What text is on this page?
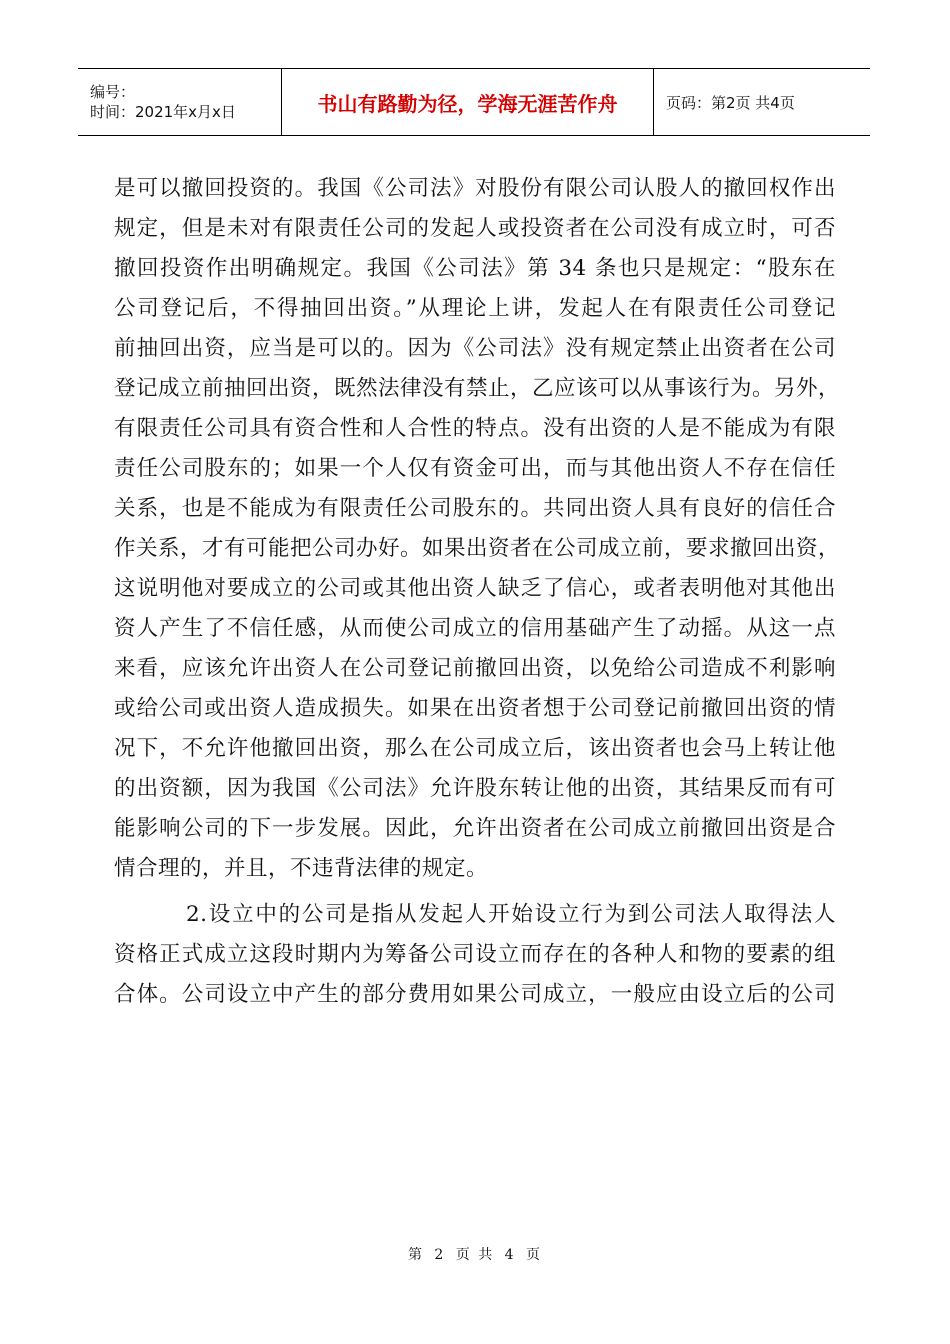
编号：
时间：2021年x月x日	书山有路勤为径，学海无涯苦作舟	页码：第2页 共4页
是可以撤回投资的。我国《公司法》对股份有限公司认股人的撤回权作出
规定，但是未对有限责任公司的发起人或投资者在公司没有成立时，可否
撤回投资作出明确规定。我国《公司法》第 34 条也只是规定：“股东在
公司登记后，不得抽回出资。”从理论上讲，发起人在有限责任公司登记
前抽回出资，应当是可以的。因为《公司法》没有规定禁止出资者在公司
登记成立前抽回出资，既然法律没有禁止，乙应该可以从事该行为。另外，
有限责任公司具有资合性和人合性的特点。没有出资的人是不能成为有限
责任公司股东的；如果一个人仅有资金可出，而与其他出资人不存在信任
关系，也是不能成为有限责任公司股东的。共同出资人具有良好的信任合
作关系，才有可能把公司办好。如果出资者在公司成立前，要求撤回出资，
这说明他对要成立的公司或其他出资人缺乏了信心，或者表明他对其他出
资人产生了不信任感，从而使公司成立的信用基础产生了动摇。从这一点
来看，应该允许出资人在公司登记前撤回出资，以免给公司造成不利影响
或给公司或出资人造成损失。如果在出资者想于公司登记前撤回出资的情
况下，不允许他撤回出资，那么在公司成立后，该出资者也会马上转让他
的出资额，因为我国《公司法》允许股东转让他的出资，其结果反而有可
能影响公司的下一步发展。因此，允许出资者在公司成立前撤回出资是合
情合理的，并且，不违背法律的规定。
2.设立中的公司是指从发起人开始设立行为到公司法人取得法人
资格正式成立这段时期内为筹备公司设立而存在的各种人和物的要素的组
合体。公司设立中产生的部分费用如果公司成立，一般应由设立后的公司
第 2 页 共 4 页
